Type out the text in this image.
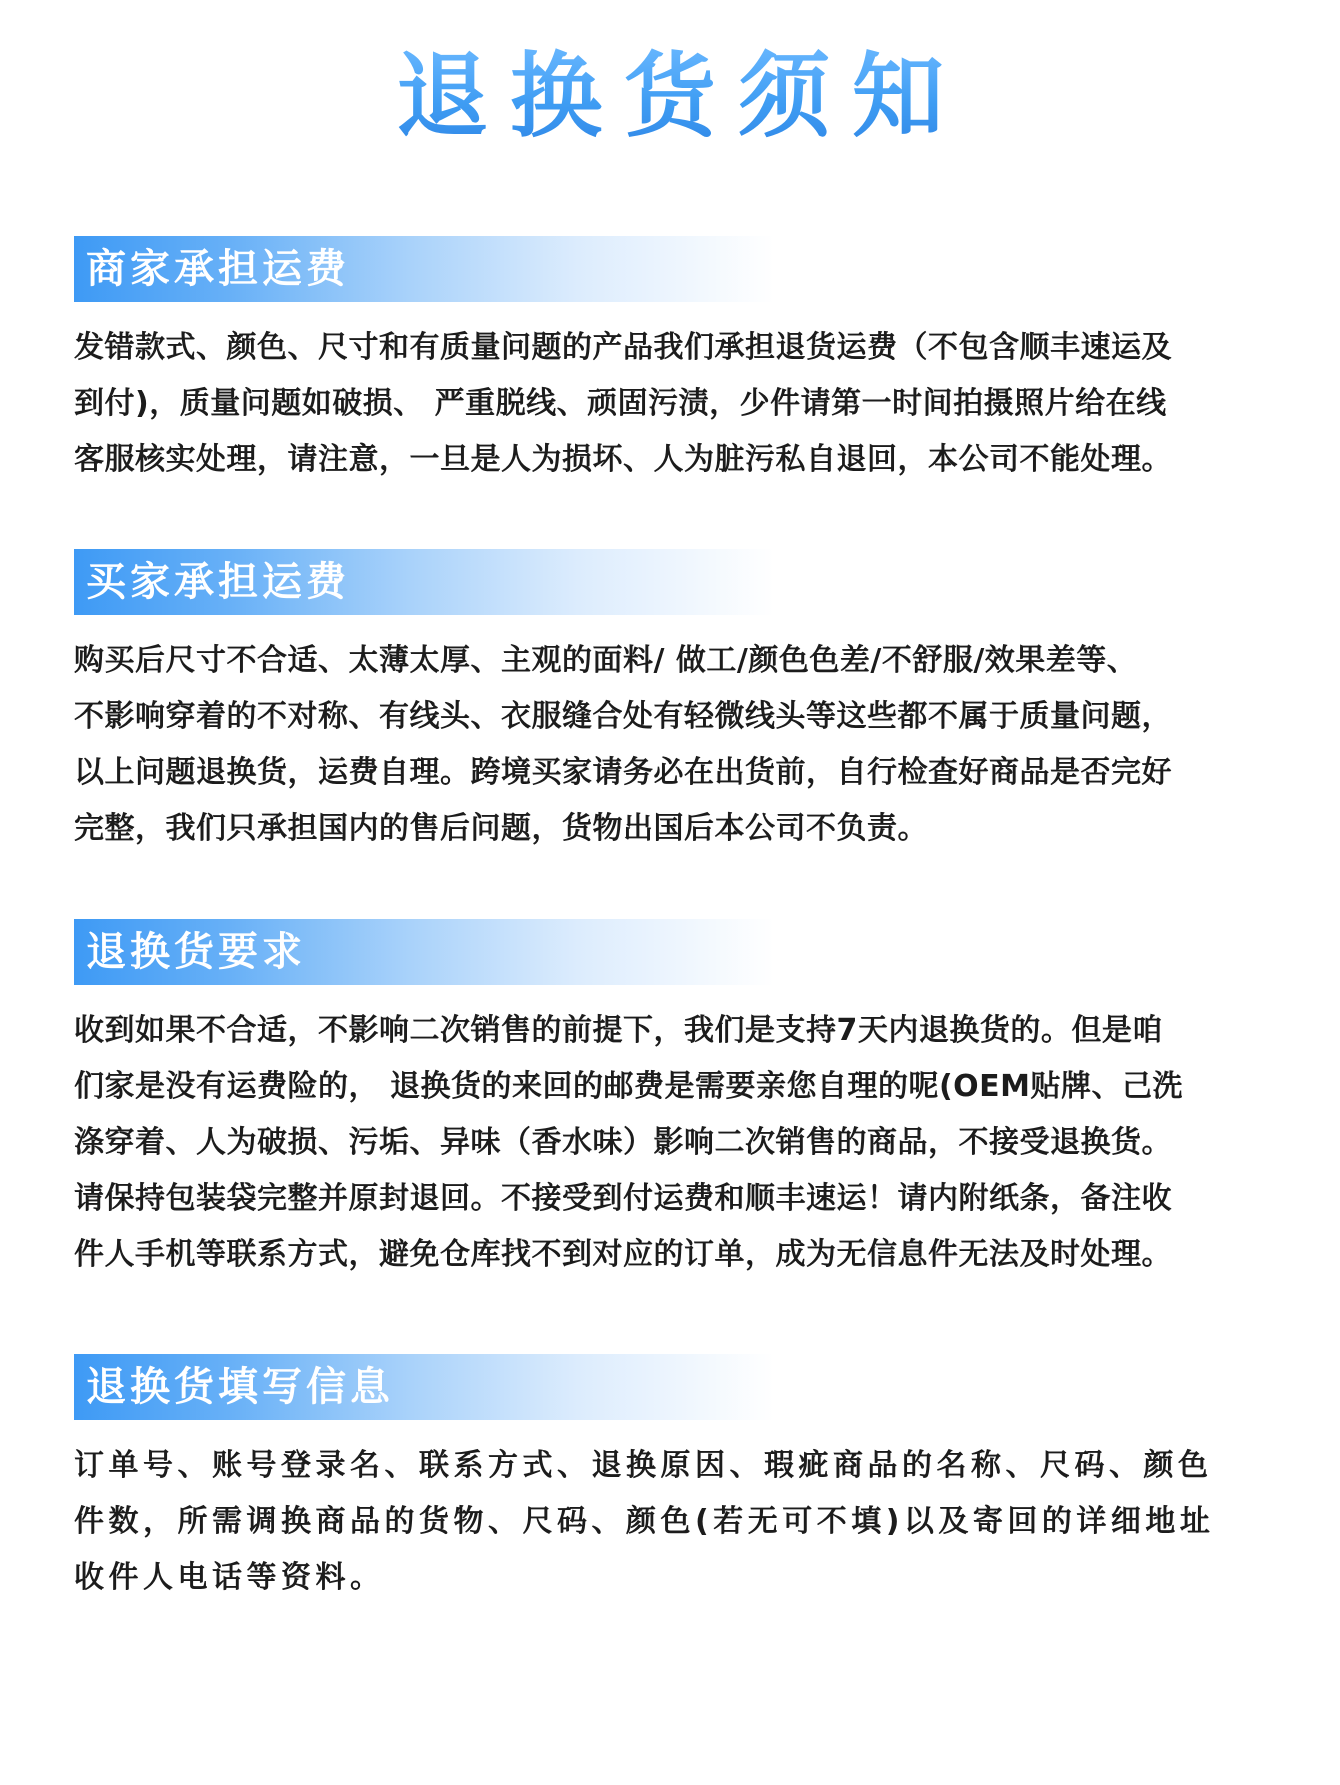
退换货须知
商家承担运费
发错款式、颜色、尺寸和有质量问题的产品我们承担退货运费（不包含顺丰速运及
到付)，质量问题如破损、 严重脱线、顽固污渍，少件请第一时间拍摄照片给在线
客服核实处理，请注意，一旦是人为损坏、人为脏污私自退回，本公司不能处理。
买家承担运费
购买后尺寸不合适、太薄太厚、主观的面料/ 做工/颜色色差/不舒服/效果差等、
不影响穿着的不对称、有线头、衣服缝合处有轻微线头等这些都不属于质量问题，
以上问题退换货，运费自理。跨境买家请务必在出货前，自行检查好商品是否完好
完整，我们只承担国内的售后问题，货物出国后本公司不负责。
退换货要求
收到如果不合适，不影响二次销售的前提下，我们是支持7天内退换货的。但是咱
们家是没有运费险的， 退换货的来回的邮费是需要亲您自理的呢(OEM贴牌、己洗
涤穿着、人为破损、污垢、异味（香水味）影响二次销售的商品，不接受退换货。
请保持包装袋完整并原封退回。不接受到付运费和顺丰速运！请内附纸条，备注收
件人手机等联系方式，避免仓库找不到对应的订单，成为无信息件无法及时处理。
退换货填写信息
订单号、账号登录名、联系方式、退换原因、瑕疵商品的名称、尺码、颜色
件数，所需调换商品的货物、尺码、颜色(若无可不填)以及寄回的详细地址
收件人电话等资料。
